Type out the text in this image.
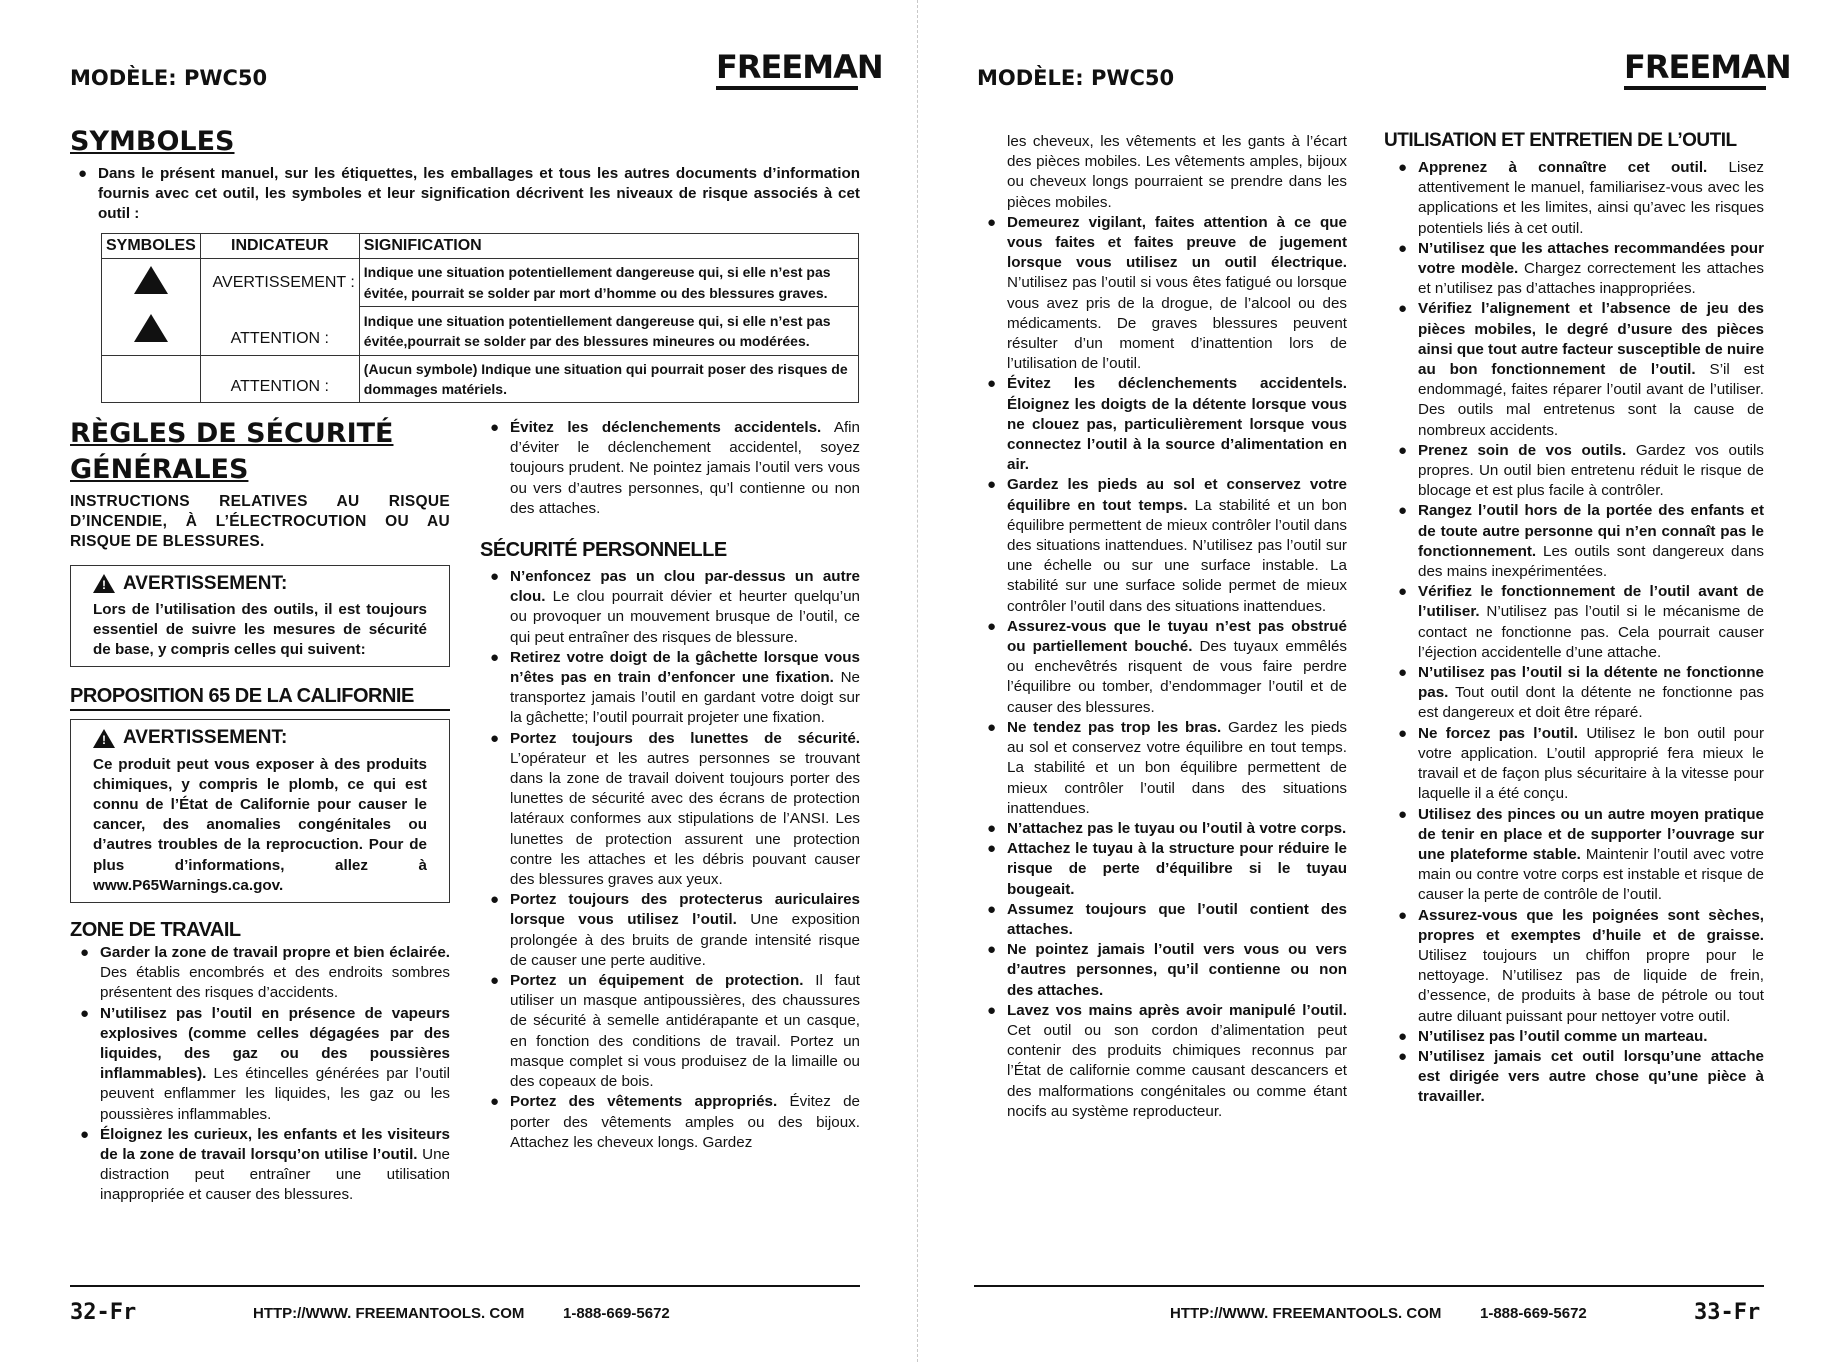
MODÈLE: PWC50	FREEMAN
SYMBOLES
● Dans le présent manuel, sur les étiquettes, les emballages et tous les autres documents d’information fournis avec cet outil, les symboles et leur signification décrivent les niveaux de risque associés à cet outil :
SYMBOLES	INDICATEUR	SIGNIFICATION
	AVERTISSEMENT :	Indique une situation potentiellement dangereuse qui, si elle n’est pas évitée, pourrait se solder par mort d’homme ou des blessures graves.
	ATTENTION :	Indique une situation potentiellement dangereuse qui, si elle n’est pas évitée,pourrait se solder par des blessures mineures ou modérées.
	ATTENTION :	(Aucun symbole) Indique une situation qui pourrait poser des risques de dommages matériels.
RÈGLES DE SÉCURITÉ
GÉNÉRALES
INSTRUCTIONS RELATIVES AU RISQUE D’INCENDIE, À L’ÉLECTROCUTION OU AU RISQUE DE BLESSURES.
! AVERTISSEMENT:
Lors de l’utilisation des outils, il est toujours essentiel de suivre les mesures de sécurité de base, y compris celles qui suivent:
PROPOSITION 65 DE LA CALIFORNIE
! AVERTISSEMENT:
Ce produit peut vous exposer à des produits chimiques, y compris le plomb, ce qui est connu de l’État de Californie pour causer le cancer, des anomalies congénitales ou d’autres troubles de la reprocuction. Pour de plus d’informations, allez à www.P65Warnings.ca.gov.
ZONE DE TRAVAIL
● Garder la zone de travail propre et bien éclairée. Des établis encombrés et des endroits sombres présentent des risques d’accidents.
● N’utilisez pas l’outil en présence de vapeurs explosives (comme celles dégagées par des liquides, des gaz ou des poussières inflammables). Les étincelles générées par l’outil peuvent enflammer les liquides, les gaz ou les poussières inflammables.
● Éloignez les curieux, les enfants et les visiteurs de la zone de travail lorsqu’on utilise l’outil. Une distraction peut entraîner une utilisation inappropriée et causer des blessures.
● Évitez les déclenchements accidentels. Afin d’éviter le déclenchement accidentel, soyez toujours prudent. Ne pointez jamais l’outil vers vous ou vers d’autres personnes, qu’l contienne ou non des attaches.
SÉCURITÉ PERSONNELLE
● N’enfoncez pas un clou par-dessus un autre clou. Le clou pourrait dévier et heurter quelqu’un ou provoquer un mouvement brusque de l’outil, ce qui peut entraîner des risques de blessure.
● Retirez votre doigt de la gâchette lorsque vous n’êtes pas en train d’enfoncer une fixation. Ne transportez jamais l’outil en gardant votre doigt sur la gâchette; l’outil pourrait projeter une fixation.
● Portez toujours des lunettes de sécurité. L’opérateur et les autres personnes se trouvant dans la zone de travail doivent toujours porter des lunettes de sécurité avec des écrans de protection latéraux conformes aux stipulations de l’ANSI. Les lunettes de protection assurent une protection contre les attaches et les débris pouvant causer des blessures graves aux yeux.
● Portez toujours des protecterus auriculaires lorsque vous utilisez l’outil. Une exposition prolongée à des bruits de grande intensité risque de causer une perte auditive.
● Portez un équipement de protection. Il faut utiliser un masque antipoussières, des chaussures de sécurité à semelle antidérapante et un casque, en fonction des conditions de travail. Portez un masque complet si vous produisez de la limaille ou des copeaux de bois.
● Portez des vêtements appropriés. Évitez de porter des vêtements amples ou des bijoux. Attachez les cheveux longs. Gardez
32-Fr	HTTP://WWW. FREEMANTOOLS. COM	1-888-669-5672
MODÈLE: PWC50	FREEMAN
les cheveux, les vêtements et les gants à l’écart des pièces mobiles. Les vêtements amples, bijoux ou cheveux longs pourraient se prendre dans les pièces mobiles.
● Demeurez vigilant, faites attention à ce que vous faites et faites preuve de jugement lorsque vous utilisez un outil électrique. N’utilisez pas l’outil si vous êtes fatigué ou lorsque vous avez pris de la drogue, de l’alcool ou des médicaments. De graves blessures peuvent résulter d’un moment d’inattention lors de l’utilisation de l’outil.
● Évitez les déclenchements accidentels. Éloignez les doigts de la détente lorsque vous ne clouez pas, particulièrement lorsque vous connectez l’outil à la source d’alimentation en air.
● Gardez les pieds au sol et conservez votre équilibre en tout temps. La stabilité et un bon équilibre permettent de mieux contrôler l’outil dans des situations inattendues. N’utilisez pas l’outil sur une échelle ou sur une surface instable. La stabilité sur une surface solide permet de mieux contrôler l’outil dans des situations inattendues.
● Assurez-vous que le tuyau n’est pas obstrué ou partiellement bouché. Des tuyaux emmêlés ou enchevêtrés risquent de vous faire perdre l’équilibre ou tomber, d’endommager l’outil et de causer des blessures.
● Ne tendez pas trop les bras. Gardez les pieds au sol et conservez votre équilibre en tout temps. La stabilité et un bon équilibre permettent de mieux contrôler l’outil dans des situations inattendues.
● N’attachez pas le tuyau ou l’outil à votre corps.
● Attachez le tuyau à la structure pour réduire le risque de perte d’équilibre si le tuyau bougeait.
● Assumez toujours que l’outil contient des attaches.
● Ne pointez jamais l’outil vers vous ou vers d’autres personnes, qu’il contienne ou non des attaches.
● Lavez vos mains après avoir manipulé l’outil. Cet outil ou son cordon d’alimentation peut contenir des produits chimiques reconnus par l’État de californie comme causant descancers et des malformations congénitales ou comme étant nocifs au système reproducteur.
UTILISATION ET ENTRETIEN DE L’OUTIL
● Apprenez à connaître cet outil. Lisez attentivement le manuel, familiarisez-vous avec les applications et les limites, ainsi qu’avec les risques potentiels liés à cet outil.
● N’utilisez que les attaches recommandées pour votre modèle. Chargez correctement les attaches et n’utilisez pas d’attaches inappropriées.
● Vérifiez l’alignement et l’absence de jeu des pièces mobiles, le degré d’usure des pièces ainsi que tout autre facteur susceptible de nuire au bon fonctionnement de l’outil. S’il est endommagé, faites réparer l’outil avant de l’utiliser. Des outils mal entretenus sont la cause de nombreux accidents.
● Prenez soin de vos outils. Gardez vos outils propres. Un outil bien entretenu réduit le risque de blocage et est plus facile à contrôler.
● Rangez l’outil hors de la portée des enfants et de toute autre personne qui n’en connaît pas le fonctionnement. Les outils sont dangereux dans des mains inexpérimentées.
● Vérifiez le fonctionnement de l’outil avant de l’utiliser. N’utilisez pas l’outil si le mécanisme de contact ne fonctionne pas. Cela pourrait causer l’éjection accidentelle d’une attache.
● N’utilisez pas l’outil si la détente ne fonctionne pas. Tout outil dont la détente ne fonctionne pas est dangereux et doit être réparé.
● Ne forcez pas l’outil. Utilisez le bon outil pour votre application. L’outil approprié fera mieux le travail et de façon plus sécuritaire à la vitesse pour laquelle il a été conçu.
● Utilisez des pinces ou un autre moyen pratique de tenir en place et de supporter l’ouvrage sur une plateforme stable. Maintenir l’outil avec votre main ou contre votre corps est instable et risque de causer la perte de contrôle de l’outil.
● Assurez-vous que les poignées sont sèches, propres et exemptes d’huile et de graisse. Utilisez toujours un chiffon propre pour le nettoyage. N’utilisez pas de liquide de frein, d’essence, de produits à base de pétrole ou tout autre diluant puissant pour nettoyer votre outil.
● N’utilisez pas l’outil comme un marteau.
● N’utilisez jamais cet outil lorsqu’une attache est dirigée vers autre chose qu’une pièce à travailler.
HTTP://WWW. FREEMANTOOLS. COM	1-888-669-5672	33-Fr
